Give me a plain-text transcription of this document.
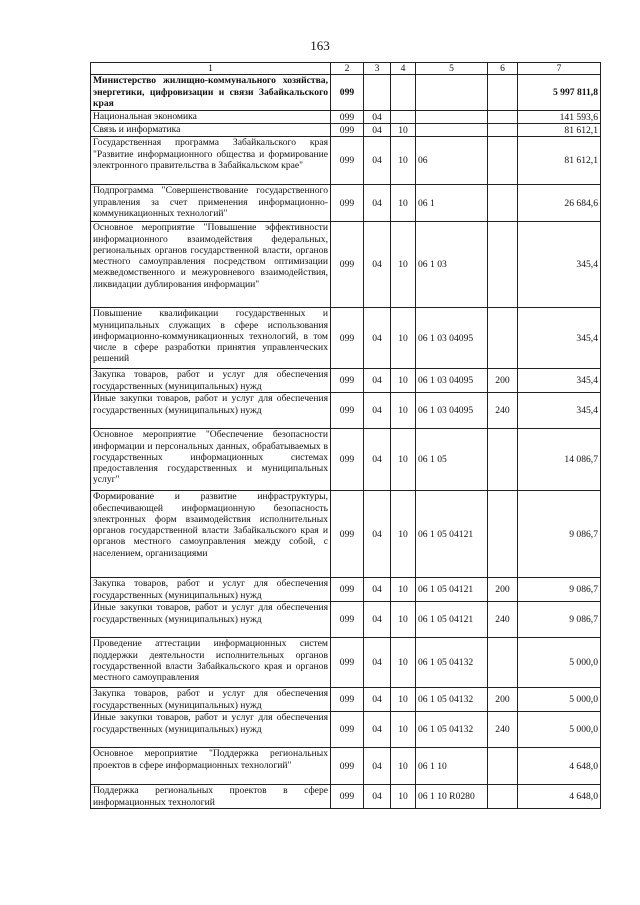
163
1	2	3	4	5	6	7
Министерство жилищно-коммунального хозяйства, энергетики, цифровизации и связи Забайкальского края	099					5 997 811,8
Национальная экономика	099	04				141 593,6
Связь и информатика	099	04	10			81 612,1
Государственная программа Забайкальского края "Развитие информационного общества и формирование электронного правительства в Забайкальском крае"	099	04	10	06		81 612,1
Подпрограмма "Совершенствование государственного управления за счет применения информационно-коммуникационных технологий"	099	04	10	06 1		26 684,6
Основное мероприятие "Повышение эффективности информационного взаимодействия федеральных, региональных органов государственной власти, органов местного самоуправления посредством оптимизации межведомственного и межуровневого взаимодействия, ликвидации дублирования информации"	099	04	10	06 1 03		345,4
Повышение квалификации государственных и муниципальных служащих в сфере использования информационно-коммуникационных технологий, в том числе в сфере разработки принятия управленческих решений	099	04	10	06 1 03 04095		345,4
Закупка товаров, работ и услуг для обеспечения государственных (муниципальных) нужд	099	04	10	06 1 03 04095	200	345,4
Иные закупки товаров, работ и услуг для обеспечения государственных (муниципальных) нужд	099	04	10	06 1 03 04095	240	345,4
Основное мероприятие "Обеспечение безопасности информации и персональных данных, обрабатываемых в государственных информационных системах предоставления государственных и муниципальных услуг"	099	04	10	06 1 05		14 086,7
Формирование и развитие инфраструктуры, обеспечивающей информационную безопасность электронных форм взаимодействия исполнительных органов государственной власти Забайкальского края и органов местного самоуправления между собой, с населением, организациями	099	04	10	06 1 05 04121		9 086,7
Закупка товаров, работ и услуг для обеспечения государственных (муниципальных) нужд	099	04	10	06 1 05 04121	200	9 086,7
Иные закупки товаров, работ и услуг для обеспечения государственных (муниципальных) нужд	099	04	10	06 1 05 04121	240	9 086,7
Проведение аттестации информационных систем поддержки деятельности исполнительных органов государственной власти Забайкальского края и органов местного самоуправления	099	04	10	06 1 05 04132		5 000,0
Закупка товаров, работ и услуг для обеспечения государственных (муниципальных) нужд	099	04	10	06 1 05 04132	200	5 000,0
Иные закупки товаров, работ и услуг для обеспечения государственных (муниципальных) нужд	099	04	10	06 1 05 04132	240	5 000,0
Основное мероприятие "Поддержка региональных проектов в сфере информационных технологий"	099	04	10	06 1 10		4 648,0
Поддержка региональных проектов в сфере информационных технологий	099	04	10	06 1 10 R0280		4 648,0
